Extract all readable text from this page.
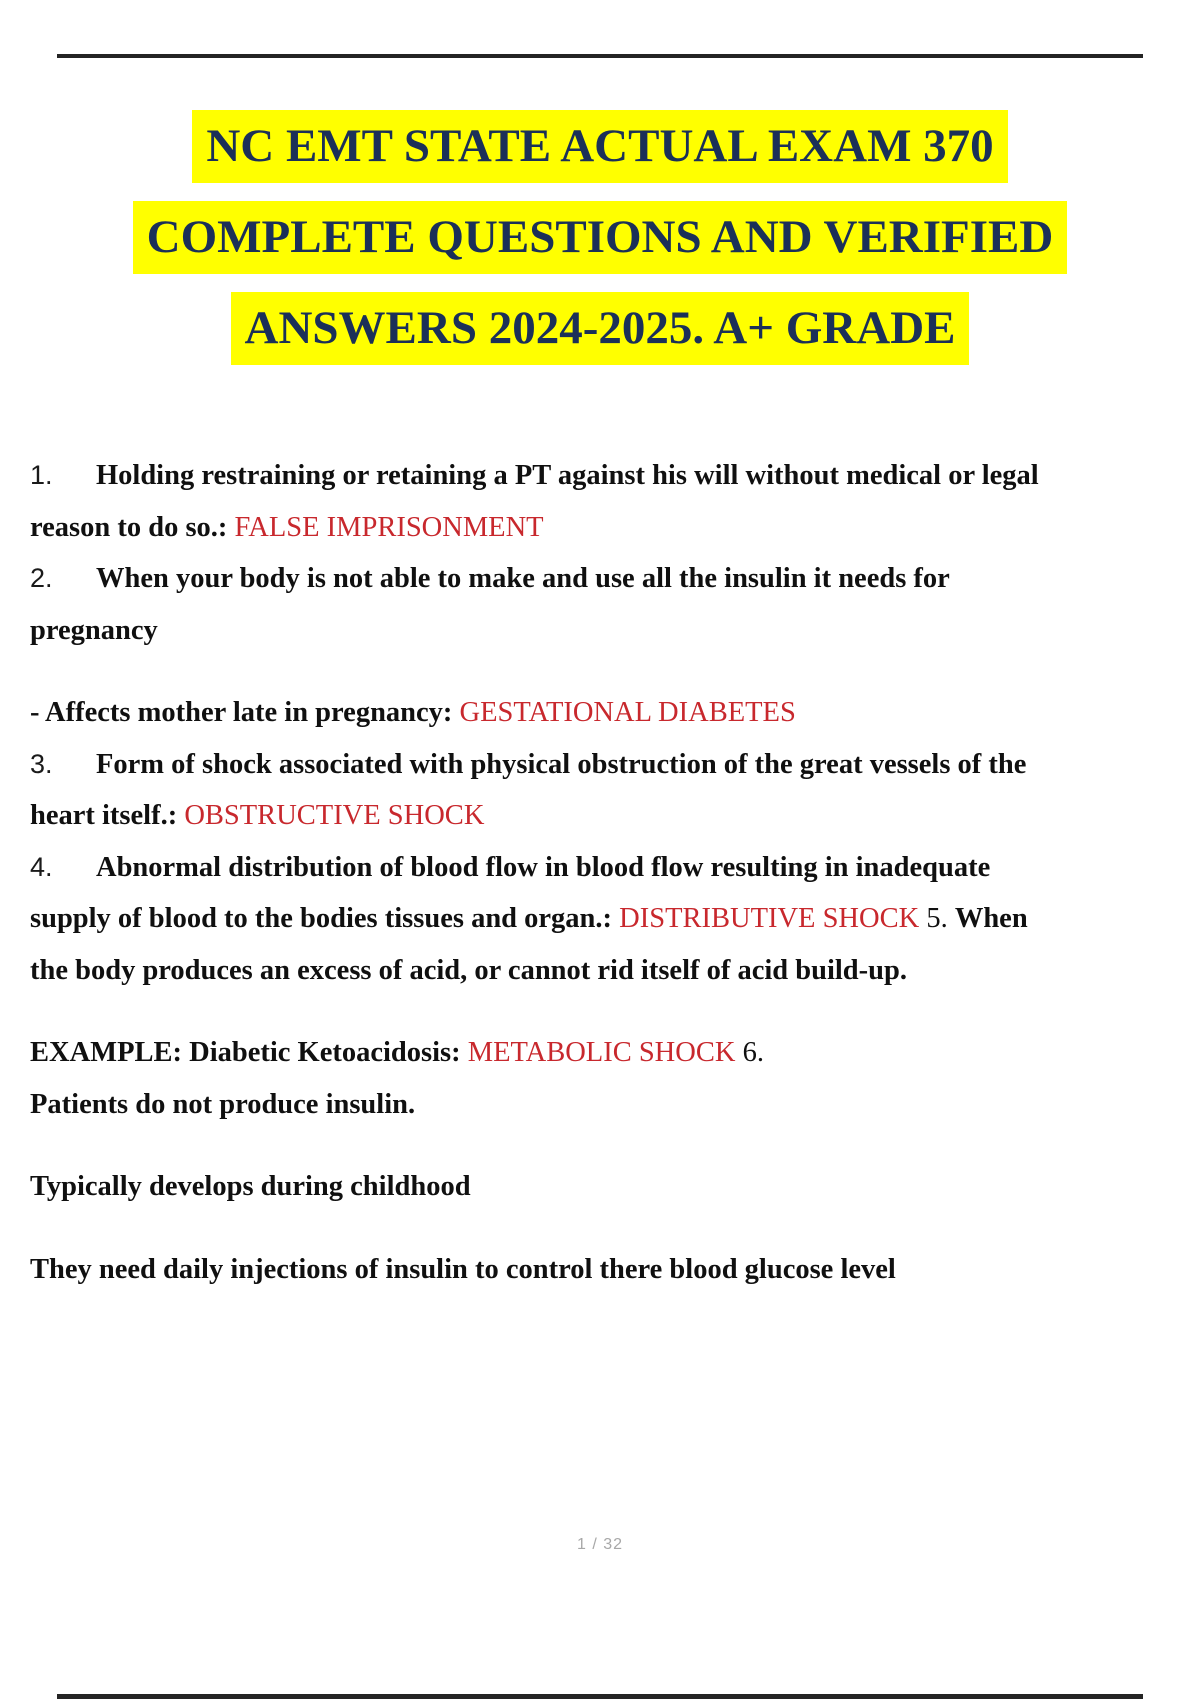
NC EMT STATE ACTUAL EXAM 370
COMPLETE QUESTIONS AND VERIFIED
ANSWERS 2024-2025. A+ GRADE
1. Holding restraining or retaining a PT against his will without medical or legal
reason to do so.: FALSE IMPRISONMENT
2. When your body is not able to make and use all the insulin it needs for
pregnancy
- Affects mother late in pregnancy: GESTATIONAL DIABETES
3. Form of shock associated with physical obstruction of the great vessels of the
heart itself.: OBSTRUCTIVE SHOCK
4. Abnormal distribution of blood flow in blood flow resulting in inadequate
supply of blood to the bodies tissues and organ.: DISTRIBUTIVE SHOCK 5. When
the body produces an excess of acid, or cannot rid itself of acid build-up.
EXAMPLE: Diabetic Ketoacidosis: METABOLIC SHOCK 6.
Patients do not produce insulin.
Typically develops during childhood
They need daily injections of insulin to control there blood glucose level
1 / 32
